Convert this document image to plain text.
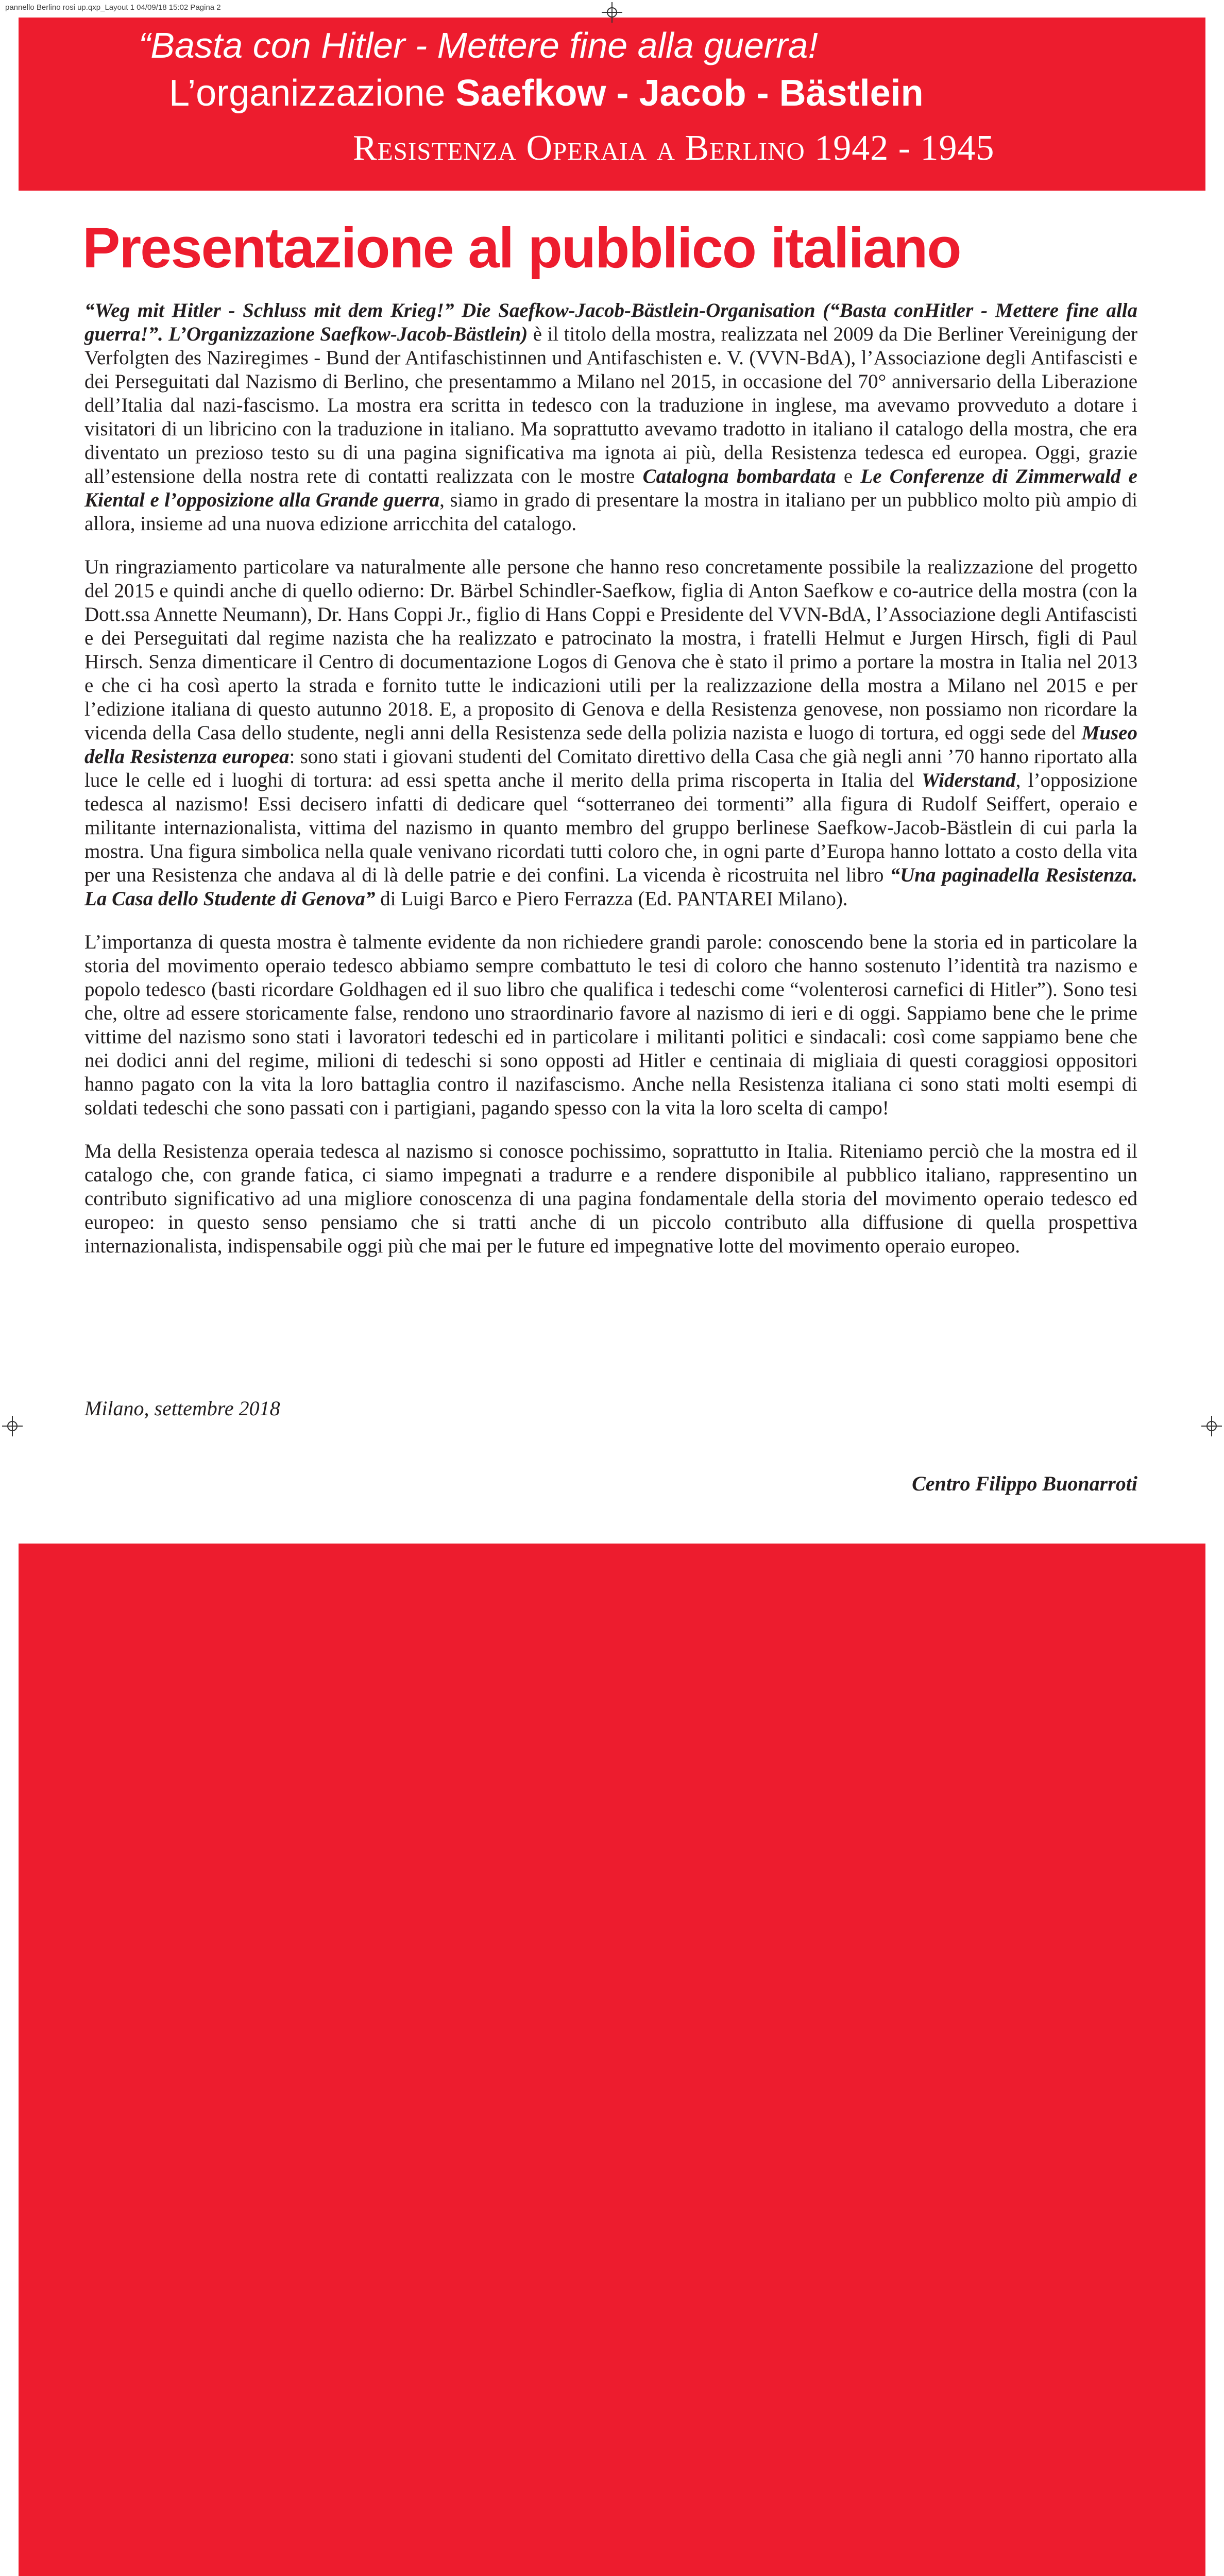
pannello Berlino rosi up.qxp_Layout 1 04/09/18 15:02 Pagina 2
“Basta con Hitler - Mettere fine alla guerra!
L’organizzazione Saefkow - Jacob - Bästlein
Resistenza Operaia a Berlino 1942 - 1945
Presentazione al pubblico italiano

“Weg mit Hitler - Schluss mit dem Krieg!” Die Saefkow-Jacob-Bästlein-Organisation (“Basta conHitler - Mettere fine alla guerra!”. L’Organizzazione Saefkow-Jacob-Bästlein) è il titolo della mostra, realizzata nel 2009 da Die Berliner Vereinigung der Verfolgten des Naziregimes - Bund der Antifaschistinnen und Antifaschisten e. V. (VVN-BdA), l’Associazione degli Antifascisti e dei Perseguitati dal Nazismo di Berlino, che presentammo a Milano nel 2015, in occasione del 70° anniversario della Liberazione dell’Italia dal nazi-fascismo. La mostra era scritta in tedesco con la traduzione in inglese, ma avevamo provveduto a dotare i visitatori di un libricino con la traduzione in italiano. Ma soprattutto avevamo tradotto in italiano il catalogo della mostra, che era diventato un prezioso testo su di una pagina significativa ma ignota ai più, della Resistenza tedesca ed europea. Oggi, grazie all’estensione della nostra rete di contatti realizzata con le mostre Catalogna bombardata e Le Conferenze di Zimmerwald e Kiental e l’opposizione alla Grande guerra, siamo in grado di presentare la mostra in italiano per un pubblico molto più ampio di allora, insieme ad una nuova edizione arricchita del catalogo.

Un ringraziamento particolare va naturalmente alle persone che hanno reso concretamente possibile la realizzazione del progetto del 2015 e quindi anche di quello odierno: Dr. Bärbel Schindler-Saefkow, figlia di Anton Saefkow e co-autrice della mostra (con la Dott.ssa Annette Neumann), Dr. Hans Coppi Jr., figlio di Hans Coppi e Presidente del VVN-BdA, l’Associazione degli Antifascisti e dei Perseguitati dal regime nazista che ha realizzato e patrocinato la mostra, i fratelli Helmut e Jurgen Hirsch, figli di Paul Hirsch. Senza dimenticare il Centro di documentazione Logos di Genova che è stato il primo a portare la mostra in Italia nel 2013 e che ci ha così aperto la strada e fornito tutte le indicazioni utili per la realizzazione della mostra a Milano nel 2015 e per l’edizione italiana di questo autunno 2018. E, a proposito di Genova e della Resistenza genovese, non possiamo non ricordare la vicenda della Casa dello studente, negli anni della Resistenza sede della polizia nazista e luogo di tortura, ed oggi sede del Museo della Resistenza europea: sono stati i giovani studenti del Comitato direttivo della Casa che già negli anni ’70 hanno riportato alla luce le celle ed i luoghi di tortura: ad essi spetta anche il merito della prima riscoperta in Italia del Widerstand, l’opposizione tedesca al nazismo! Essi decisero infatti di dedicare quel “sotterraneo dei tormenti” alla figura di Rudolf Seiffert, operaio e militante internazionalista, vittima del nazismo in quanto membro del gruppo berlinese Saefkow-Jacob-Bästlein di cui parla la mostra. Una figura simbolica nella quale venivano ricordati tutti coloro che, in ogni parte d’Europa hanno lottato a costo della vita per una Resistenza che andava al di là delle patrie e dei confini. La vicenda è ricostruita nel libro “Una paginadella Resistenza. La Casa dello Studente di Genova” di Luigi Barco e Piero Ferrazza (Ed. PANTAREI Milano).

L’importanza di questa mostra è talmente evidente da non richiedere grandi parole: conoscendo bene la storia ed in particolare la storia del movimento operaio tedesco abbiamo sempre combattuto le tesi di coloro che hanno sostenuto l’identità tra nazismo e popolo tedesco (basti ricordare Goldhagen ed il suo libro che qualifica i tedeschi come “volenterosi carnefici di Hitler”). Sono tesi che, oltre ad essere storicamente false, rendono uno straordinario favore al nazismo di ieri e di oggi. Sappiamo bene che le prime vittime del nazismo sono stati i lavoratori tedeschi ed in particolare i militanti politici e sindacali: così come sappiamo bene che nei dodici anni del regime, milioni di tedeschi si sono opposti ad Hitler e centinaia di migliaia di questi coraggiosi oppositori hanno pagato con la vita la loro battaglia contro il nazifascismo. Anche nella Resistenza italiana ci sono stati molti esempi di soldati tedeschi che sono passati con i partigiani, pagando spesso con la vita la loro scelta di campo!

Ma della Resistenza operaia tedesca al nazismo si conosce pochissimo, soprattutto in Italia. Riteniamo perciò che la mostra ed il catalogo che, con grande fatica, ci siamo impegnati a tradurre e a rendere disponibile al pubblico italiano, rappresentino un contributo significativo ad una migliore conoscenza di una pagina fondamentale della storia del movimento operaio tedesco ed europeo: in questo senso pensiamo che si tratti anche di un piccolo contributo alla diffusione di quella prospettiva internazionalista, indispensabile oggi più che mai per le future ed impegnative lotte del movimento operaio europeo.

Milano, settembre 2018
Centro Filippo Buonarroti
